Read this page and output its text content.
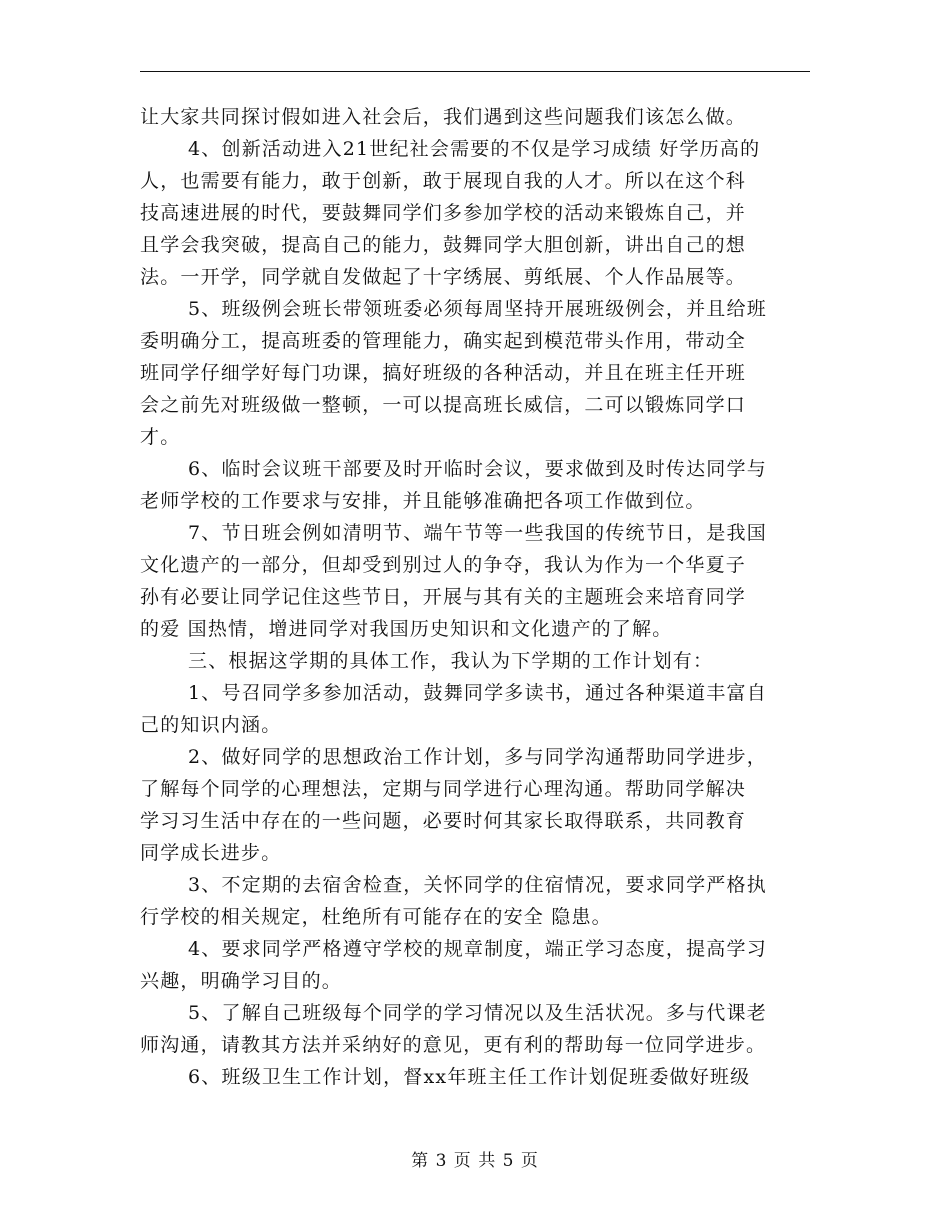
让大家共同探讨假如进入社会后，我们遇到这些问题我们该怎么做。
4、创新活动进入21世纪社会需要的不仅是学习成绩 好学历高的
人，也需要有能力，敢于创新，敢于展现自我的人才。所以在这个科
技高速进展的时代，要鼓舞同学们多参加学校的活动来锻炼自己，并
且学会我突破，提高自己的能力，鼓舞同学大胆创新，讲出自己的想
法。一开学，同学就自发做起了十字绣展、剪纸展、个人作品展等。
5、班级例会班长带领班委必须每周坚持开展班级例会，并且给班
委明确分工，提高班委的管理能力，确实起到模范带头作用，带动全
班同学仔细学好每门功课，搞好班级的各种活动，并且在班主任开班
会之前先对班级做一整顿，一可以提高班长威信，二可以锻炼同学口
才。
6、临时会议班干部要及时开临时会议，要求做到及时传达同学与
老师学校的工作要求与安排，并且能够准确把各项工作做到位。
7、节日班会例如清明节、端午节等一些我国的传统节日，是我国
文化遗产的一部分，但却受到别过人的争夺，我认为作为一个华夏子
孙有必要让同学记住这些节日，开展与其有关的主题班会来培育同学
的爱 国热情，增进同学对我国历史知识和文化遗产的了解。
三、根据这学期的具体工作，我认为下学期的工作计划有：
1、号召同学多参加活动，鼓舞同学多读书，通过各种渠道丰富自
己的知识内涵。
2、做好同学的思想政治工作计划，多与同学沟通帮助同学进步，
了解每个同学的心理想法，定期与同学进行心理沟通。帮助同学解决
学习习生活中存在的一些问题，必要时何其家长取得联系，共同教育
同学成长进步。
3、不定期的去宿舍检查，关怀同学的住宿情况，要求同学严格执
行学校的相关规定，杜绝所有可能存在的安全 隐患。
4、要求同学严格遵守学校的规章制度，端正学习态度，提高学习
兴趣，明确学习目的。
5、了解自己班级每个同学的学习情况以及生活状况。多与代课老
师沟通，请教其方法并采纳好的意见，更有利的帮助每一位同学进步。
6、班级卫生工作计划，督xx年班主任工作计划促班委做好班级
第 3 页 共 5 页
